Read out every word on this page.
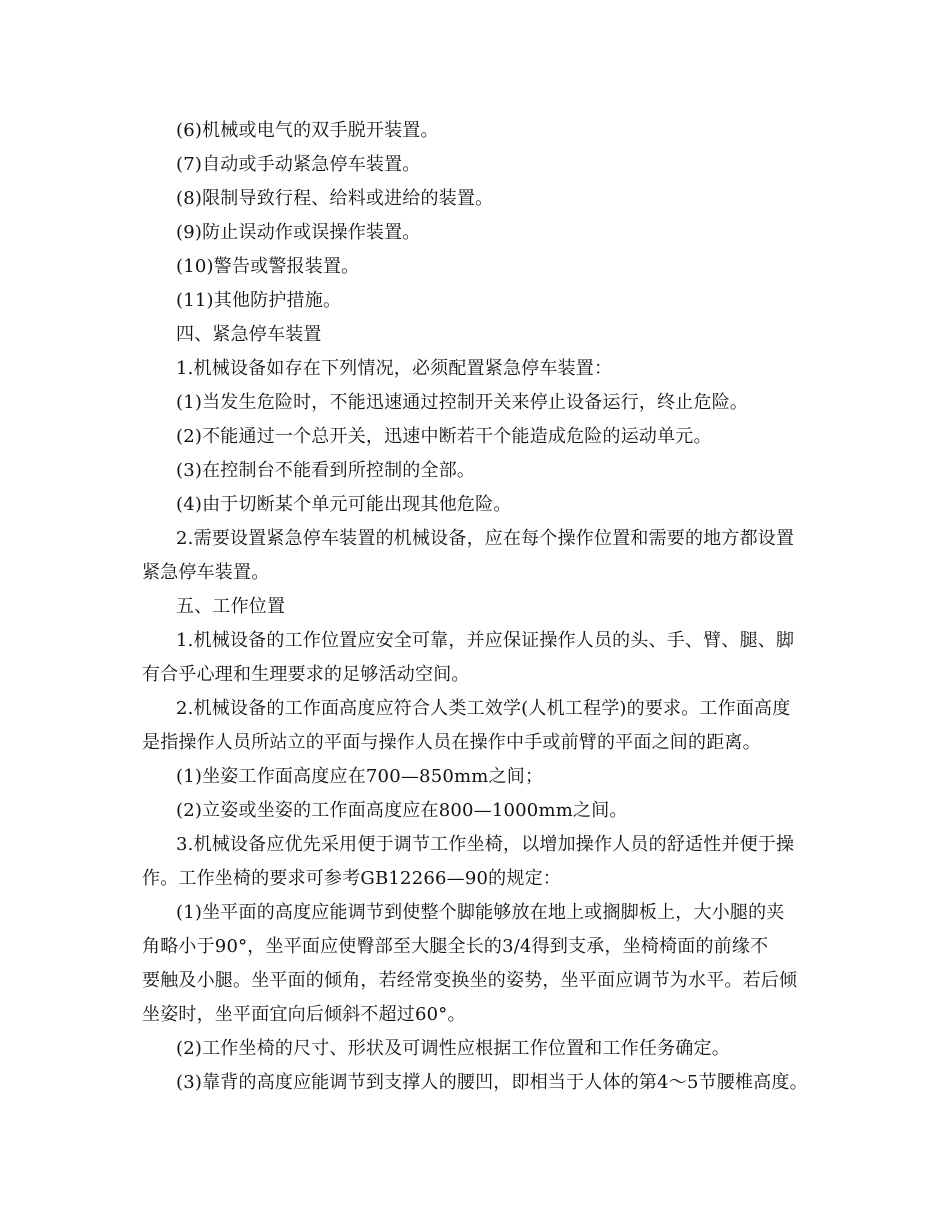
(6)机械或电气的双手脱开装置。
(7)自动或手动紧急停车装置。
(8)限制导致行程、给料或进给的装置。
(9)防止误动作或误操作装置。
(10)警告或警报装置。
(11)其他防护措施。
四、紧急停车装置
1.机械设备如存在下列情况，必须配置紧急停车装置：
(1)当发生危险时，不能迅速通过控制开关来停止设备运行，终止危险。
(2)不能通过一个总开关，迅速中断若干个能造成危险的运动单元。
(3)在控制台不能看到所控制的全部。
(4)由于切断某个单元可能出现其他危险。
2.需要设置紧急停车装置的机械设备，应在每个操作位置和需要的地方都设置
紧急停车装置。
五、工作位置
1.机械设备的工作位置应安全可靠，并应保证操作人员的头、手、臂、腿、脚
有合乎心理和生理要求的足够活动空间。
2.机械设备的工作面高度应符合人类工效学(人机工程学)的要求。工作面高度
是指操作人员所站立的平面与操作人员在操作中手或前臂的平面之间的距离。
(1)坐姿工作面高度应在700—850mm之间；
(2)立姿或坐姿的工作面高度应在800—1000mm之间。
3.机械设备应优先采用便于调节工作坐椅，以增加操作人员的舒适性并便于操
作。工作坐椅的要求可参考GB12266—90的规定：
(1)坐平面的高度应能调节到使整个脚能够放在地上或搁脚板上，大小腿的夹
角略小于90°，坐平面应使臀部至大腿全长的3/4得到支承，坐椅椅面的前缘不
要触及小腿。坐平面的倾角，若经常变换坐的姿势，坐平面应调节为水平。若后倾
坐姿时，坐平面宜向后倾斜不超过60°。
(2)工作坐椅的尺寸、形状及可调性应根据工作位置和工作任务确定。
(3)靠背的高度应能调节到支撑人的腰凹，即相当于人体的第4～5节腰椎高度。
